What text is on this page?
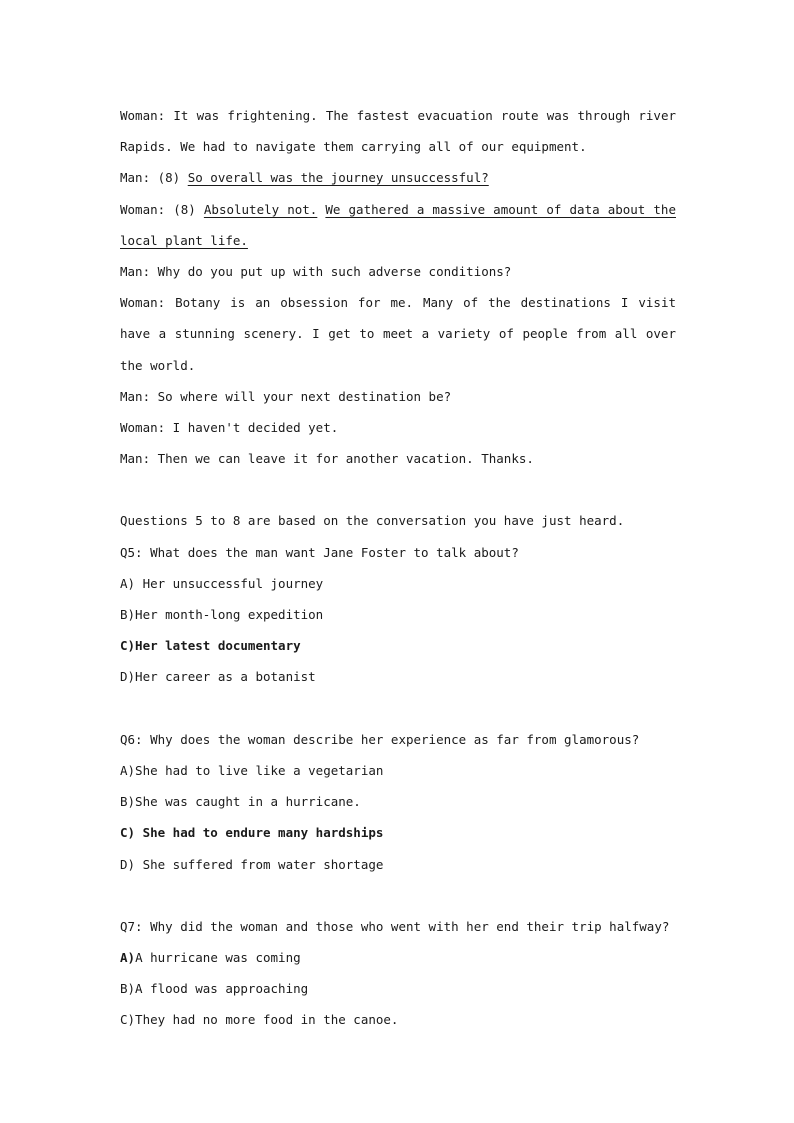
Woman: It was frightening. The fastest evacuation route was through river
Rapids. We had to navigate them carrying all of our equipment.
Man: (8) So overall was the journey unsuccessful?
Woman: (8) Absolutely not. We gathered a massive amount of data about the
local plant life.
Man: Why do you put up with such adverse conditions?
Woman: Botany is an obsession for me. Many of the destinations I visit
have a stunning scenery. I get to meet a variety of people from all over
the world.
Man: So where will your next destination be?
Woman: I haven't decided yet.
Man: Then we can leave it for another vacation. Thanks.
Questions 5 to 8 are based on the conversation you have just heard.
Q5: What does the man want Jane Foster to talk about?
A) Her unsuccessful journey
B)Her month-long expedition
C)Her latest documentary
D)Her career as a botanist
Q6: Why does the woman describe her experience as far from glamorous?
A)She had to live like a vegetarian
B)She was caught in a hurricane.
C) She had to endure many hardships
D) She suffered from water shortage
Q7: Why did the woman and those who went with her end their trip halfway?
A)A hurricane was coming
B)A flood was approaching
C)They had no more food in the canoe.
